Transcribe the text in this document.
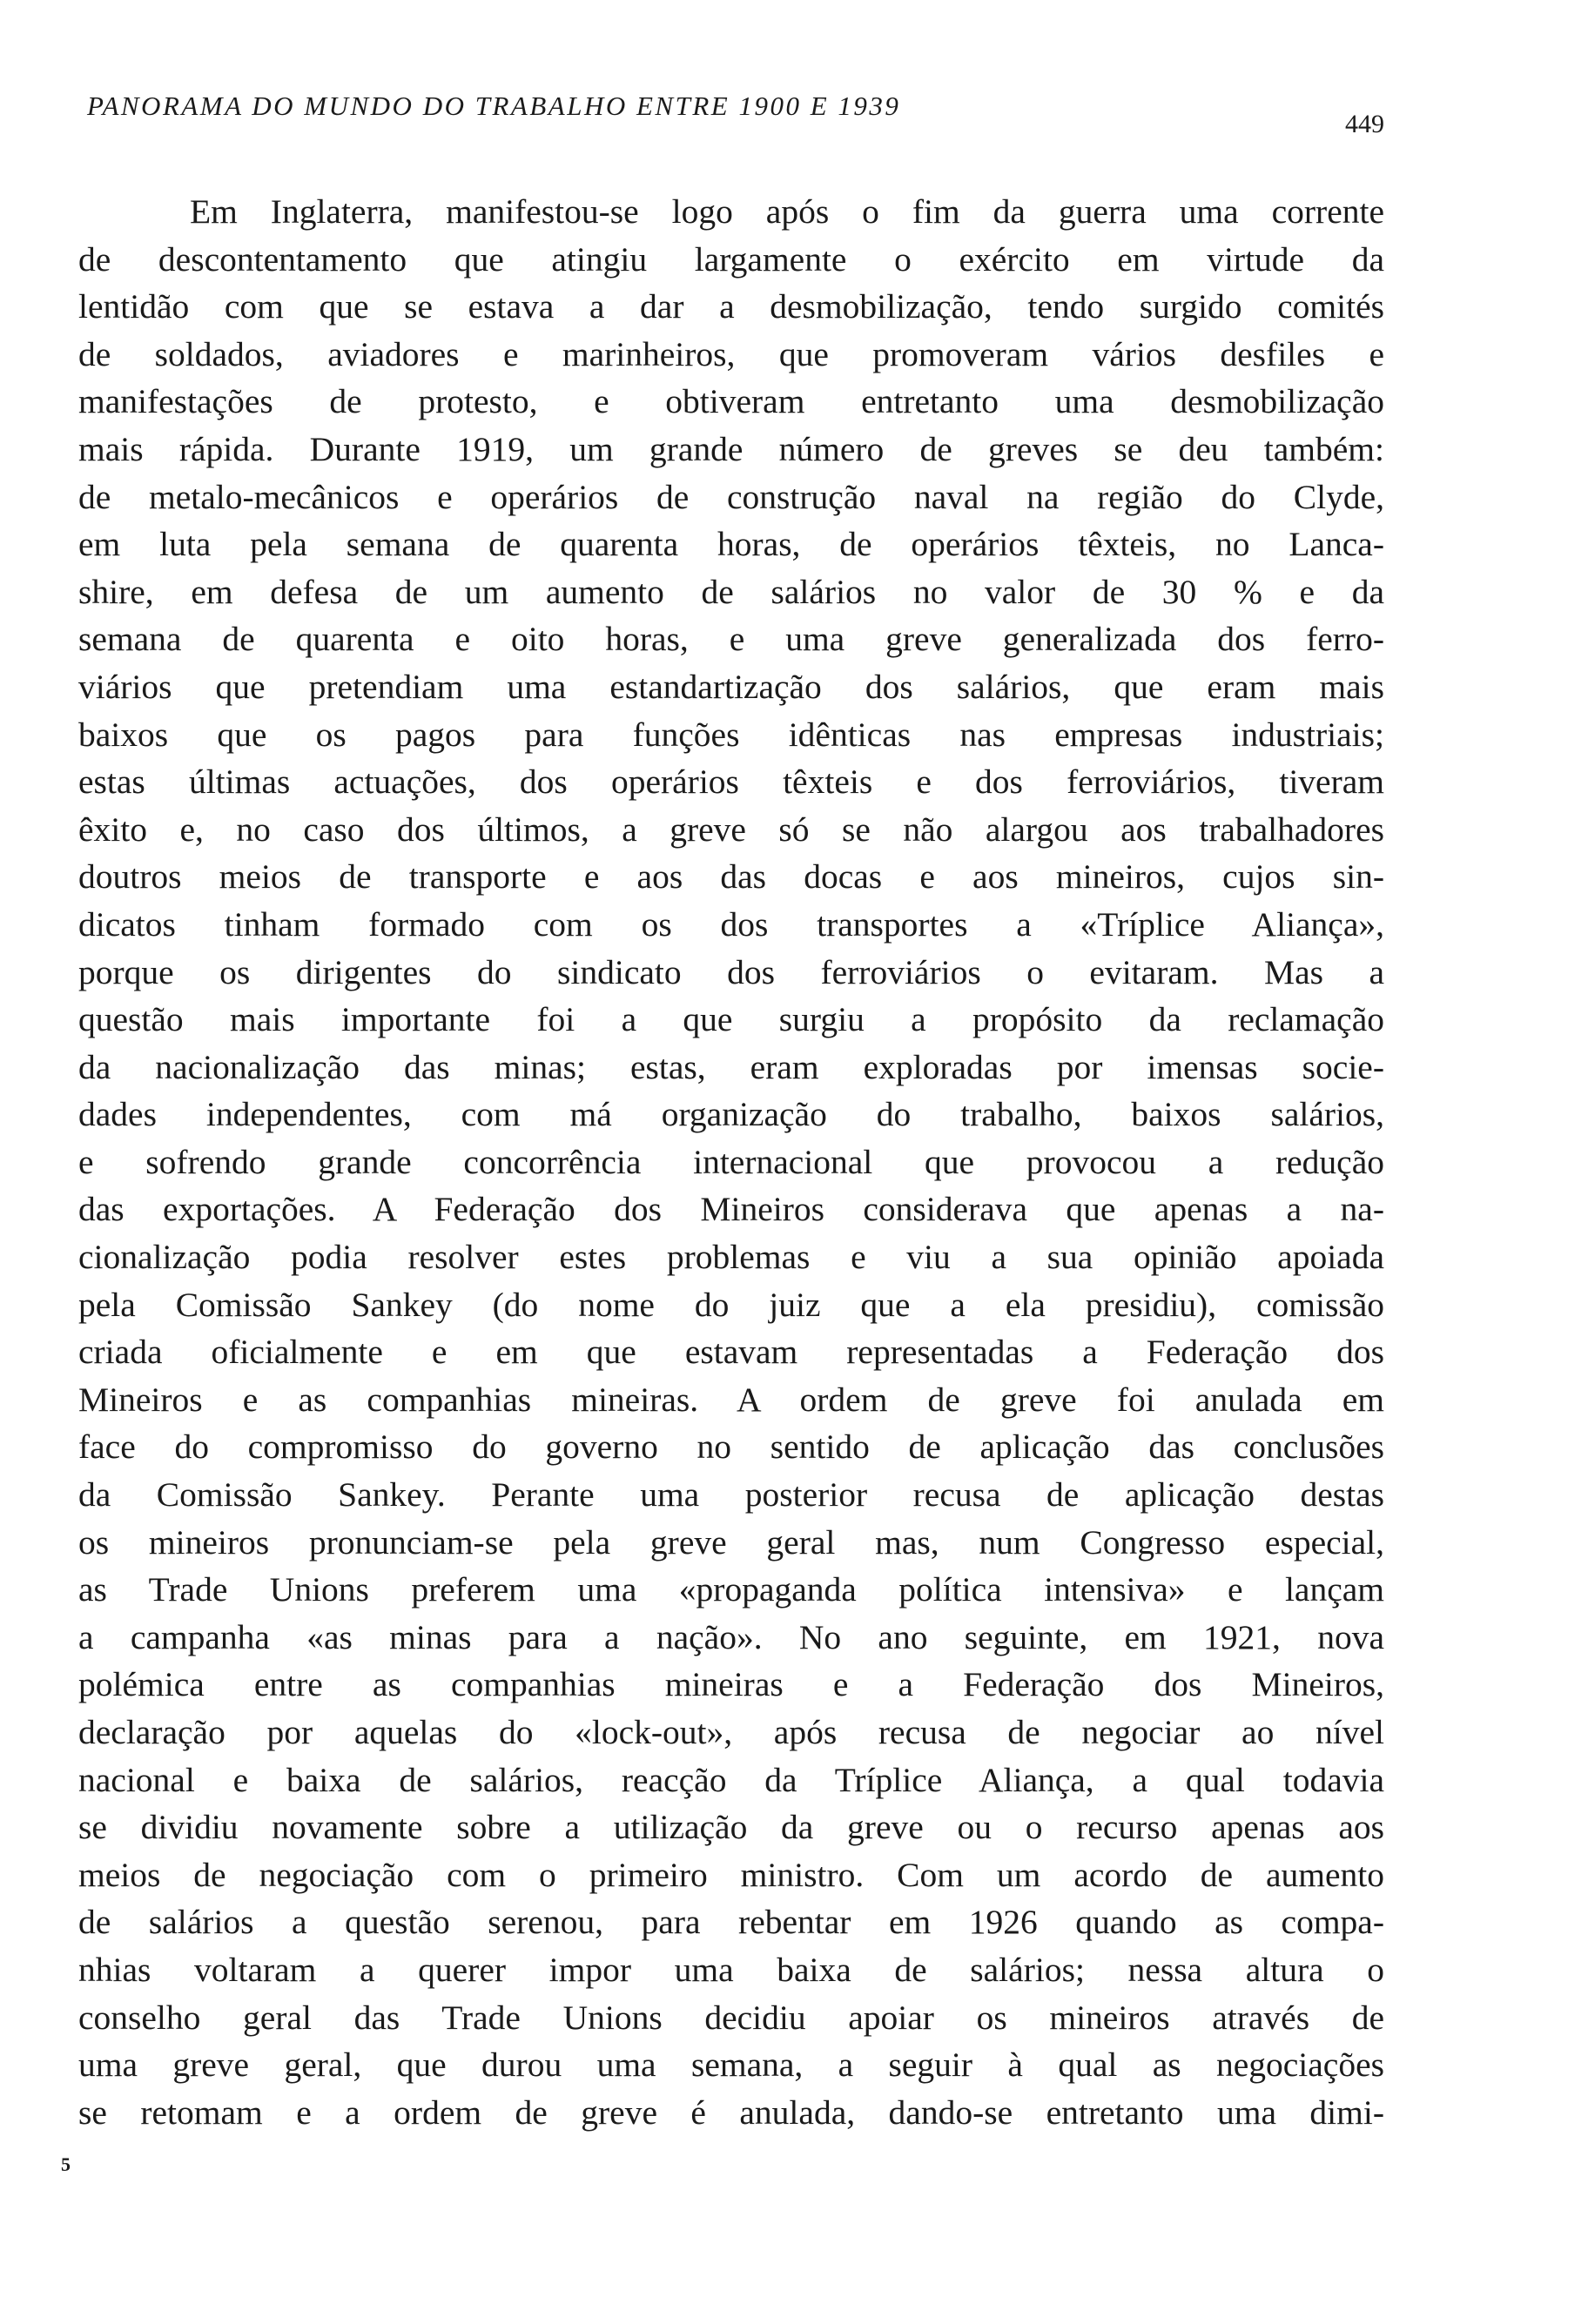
PANORAMA DO MUNDO DO TRABALHO ENTRE 1900 E 1939
449
Em Inglaterra, manifestou-se logo após o fim da guerra uma corrente
de descontentamento que atingiu largamente o exército em virtude da
lentidão com que se estava a dar a desmobilização, tendo surgido comités
de soldados, aviadores e marinheiros, que promoveram vários desfiles e
manifestações de protesto, e obtiveram entretanto uma desmobilização
mais rápida. Durante 1919, um grande número de greves se deu também:
de metalo-mecânicos e operários de construção naval na região do Clyde,
em luta pela semana de quarenta horas, de operários têxteis, no Lanca-
shire, em defesa de um aumento de salários no valor de 30 % e da
semana de quarenta e oito horas, e uma greve generalizada dos ferro-
viários que pretendiam uma estandartização dos salários, que eram mais
baixos que os pagos para funções idênticas nas empresas industriais;
estas últimas actuações, dos operários têxteis e dos ferroviários, tiveram
êxito e, no caso dos últimos, a greve só se não alargou aos trabalhadores
doutros meios de transporte e aos das docas e aos mineiros, cujos sin-
dicatos tinham formado com os dos transportes a «Tríplice Aliança»,
porque os dirigentes do sindicato dos ferroviários o evitaram. Mas a
questão mais importante foi a que surgiu a propósito da reclamação
da nacionalização das minas; estas, eram exploradas por imensas socie-
dades independentes, com má organização do trabalho, baixos salários,
e sofrendo grande concorrência internacional que provocou a redução
das exportações. A Federação dos Mineiros considerava que apenas a na-
cionalização podia resolver estes problemas e viu a sua opinião apoiada
pela Comissão Sankey (do nome do juiz que a ela presidiu), comissão
criada oficialmente e em que estavam representadas a Federação dos
Mineiros e as companhias mineiras. A ordem de greve foi anulada em
face do compromisso do governo no sentido de aplicação das conclusões
da Comissão Sankey. Perante uma posterior recusa de aplicação destas
os mineiros pronunciam-se pela greve geral mas, num Congresso especial,
as Trade Unions preferem uma «propaganda política intensiva» e lançam
a campanha «as minas para a nação». No ano seguinte, em 1921, nova
polémica entre as companhias mineiras e a Federação dos Mineiros,
declaração por aquelas do «lock-out», após recusa de negociar ao nível
nacional e baixa de salários, reacção da Tríplice Aliança, a qual todavia
se dividiu novamente sobre a utilização da greve ou o recurso apenas aos
meios de negociação com o primeiro ministro. Com um acordo de aumento
de salários a questão serenou, para rebentar em 1926 quando as compa-
nhias voltaram a querer impor uma baixa de salários; nessa altura o
conselho geral das Trade Unions decidiu apoiar os mineiros através de
uma greve geral, que durou uma semana, a seguir à qual as negociações
se retomam e a ordem de greve é anulada, dando-se entretanto uma dimi-
5
